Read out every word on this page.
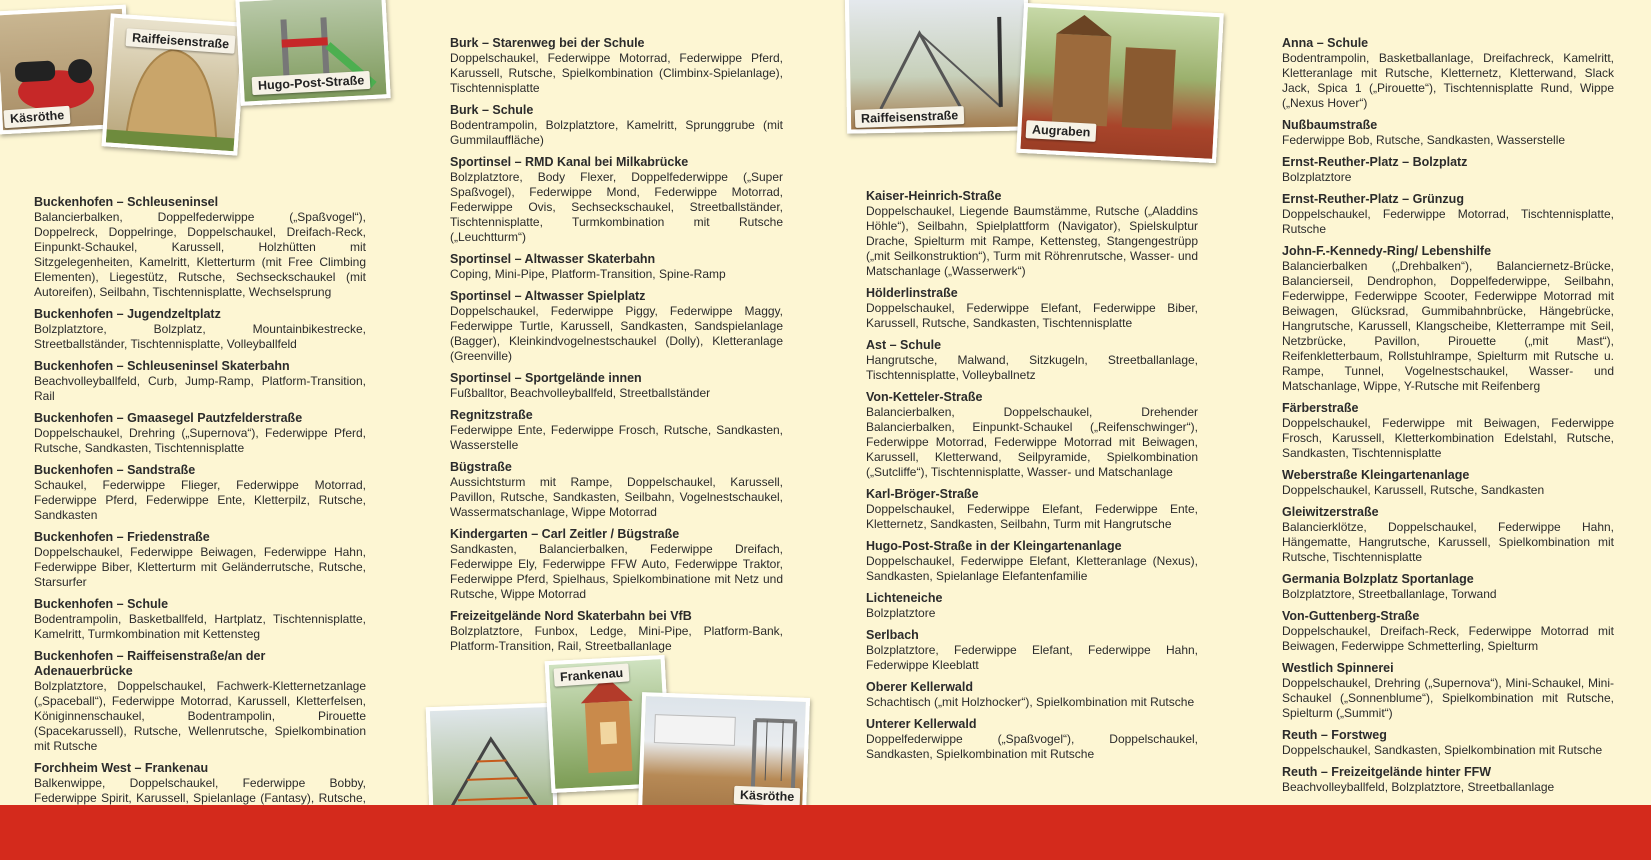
Käsröthe
Raiffeisenstraße
Hugo-Post-Straße
Buckenhofen – Schleuseninsel

Balancierbalken, Doppelfederwippe („Spaßvogel“), Doppelreck, Doppelringe, Doppelschaukel, Dreifach-Reck, Einpunkt-Schaukel, Karussell, Holzhütten mit Sitzgelegenheiten, Kamelritt, Kletterturm (mit Free Climbing Elementen), Liegestütz, Rutsche, Sechseckschaukel (mit Autoreifen), Seilbahn, Tischtennisplatte, Wechselsprung

Buckenhofen – Jugendzeltplatz

Bolzplatztore, Bolzplatz, Mountainbikestrecke, Streetballständer, Tischtennisplatte, Volleyballfeld

Buckenhofen – Schleuseninsel Skaterbahn

Beachvolleyballfeld, Curb, Jump-Ramp, Platform-Transition, Rail

Buckenhofen – Gmaasegel Pautzfelderstraße

Doppelschaukel, Drehring („Supernova“), Federwippe Pferd, Rutsche, Sandkasten, Tischtennisplatte

Buckenhofen – Sandstraße

Schaukel, Federwippe Flieger, Federwippe Motorrad, Federwippe Pferd, Federwippe Ente, Kletterpilz, Rutsche, Sandkasten

Buckenhofen – Friedenstraße

Doppelschaukel, Federwippe Beiwagen, Federwippe Hahn, Federwippe Biber, Kletterturm mit Geländerrutsche, Rutsche, Starsurfer

Buckenhofen – Schule

Bodentrampolin, Basketballfeld, Hartplatz, Tischtennisplatte, Kamelritt, Turmkombination mit Kettensteg

Buckenhofen – Raiffeisenstraße/an der Adenauerbrücke

Bolzplatztore, Doppelschaukel, Fachwerk-Kletternetzanlage („Spaceball“), Federwippe Motorrad, Karussell, Kletterfelsen, Königinnenschaukel, Bodentrampolin, Pirouette (Spacekarussell), Rutsche, Wellenrutsche, Spielkombination mit Rutsche

Forchheim West – Frankenau

Balkenwippe, Doppelschaukel, Federwippe Bobby, Federwippe Spirit, Karussell, Spielanlage (Fantasy), Rutsche,

Burk – Starenweg bei der Schule

Doppelschaukel, Federwippe Motorrad, Federwippe Pferd, Karussell, Rutsche, Spielkombination (Climbinx-Spielanlage), Tischtennisplatte

Burk – Schule

Bodentrampolin, Bolzplatztore, Kamelritt, Sprunggrube (mit Gummilauffläche)

Sportinsel – RMD Kanal bei Milkabrücke

Bolzplatztore, Body Flexer, Doppelfederwippe („Super Spaßvogel), Federwippe Mond, Federwippe Motorrad, Federwippe Ovis, Sechseckschaukel, Streetballständer, Tischtennisplatte, Turmkombination mit Rutsche („Leuchtturm“)

Sportinsel – Altwasser Skaterbahn

Coping, Mini-Pipe, Platform-Transition, Spine-Ramp

Sportinsel – Altwasser Spielplatz

Doppelschaukel, Federwippe Piggy, Federwippe Maggy, Federwippe Turtle, Karussell, Sandkasten, Sandspielanlage (Bagger), Kleinkindvogelnestschaukel (Dolly), Kletteranlage (Greenville)

Sportinsel – Sportgelände innen

Fußballtor, Beachvolleyballfeld, Streetballständer

Regnitzstraße

Federwippe Ente, Federwippe Frosch, Rutsche, Sandkasten, Wasserstelle

Bügstraße

Aussichtsturm mit Rampe, Doppelschaukel, Karussell, Pavillon, Rutsche, Sandkasten, Seilbahn, Vogelnestschaukel, Wassermatschanlage, Wippe Motorrad

Kindergarten – Carl Zeitler / Bügstraße

Sandkasten, Balancierbalken, Federwippe Dreifach, Federwippe Ely, Federwippe FFW Auto, Federwippe Traktor, Federwippe Pferd, Spielhaus, Spielkombinatione mit Netz und Rutsche, Wippe Motorrad

Freizeitgelände Nord Skaterbahn bei VfB

Bolzplatztore, Funbox, Ledge, Mini-Pipe, Platform-Bank, Platform-Transition, Rail, Streetballanlage

Frankenau
Käsröthe
Raiffeisenstraße
Augraben
Kaiser-Heinrich-Straße

Doppelschaukel, Liegende Baumstämme, Rutsche („Aladdins Höhle“), Seilbahn, Spielplattform (Navigator), Spielskulptur Drache, Spielturm mit Rampe, Kettensteg, Stangengestrüpp („mit Seilkonstruktion“), Turm mit Röhrenrutsche, Wasser- und Matschanlage („Wasserwerk“)

Hölderlinstraße

Doppelschaukel, Federwippe Elefant, Federwippe Biber, Karussell, Rutsche, Sandkasten, Tischtennisplatte

Ast – Schule

Hangrutsche, Malwand, Sitzkugeln, Streetballanlage, Tischtennisplatte, Volleyballnetz

Von-Ketteler-Straße

Balancierbalken, Doppelschaukel, Drehender Balancierbalken, Einpunkt-Schaukel („Reifenschwinger“), Federwippe Motorrad, Federwippe Motorrad mit Beiwagen, Karussell, Kletterwand, Seilpyramide, Spielkombination („Sutcliffe“), Tischtennisplatte, Wasser- und Matschanlage

Karl-Bröger-Straße

Doppelschaukel, Federwippe Elefant, Federwippe Ente, Kletternetz, Sandkasten, Seilbahn, Turm mit Hangrutsche

Hugo-Post-Straße in der Kleingartenanlage

Doppelschaukel, Federwippe Elefant, Kletteranlage (Nexus), Sandkasten, Spielanlage Elefantenfamilie

Lichteneiche

Bolzplatztore

Serlbach

Bolzplatztore, Federwippe Elefant, Federwippe Hahn, Federwippe Kleeblatt

Oberer Kellerwald

Schachtisch („mit Holzhocker“), Spielkombination mit Rutsche

Unterer Kellerwald

Doppelfederwippe („Spaßvogel“), Doppelschaukel, Sandkasten, Spielkombination mit Rutsche

Anna – Schule

Bodentrampolin, Basketballanlage, Dreifachreck, Kamelritt, Kletteranlage mit Rutsche, Kletternetz, Kletterwand, Slack Jack, Spica 1 („Pirouette“), Tischtennisplatte Rund, Wippe („Nexus Hover“)

Nußbaumstraße

Federwippe Bob, Rutsche, Sandkasten, Wasserstelle

Ernst-Reuther-Platz – Bolzplatz

Bolzplatztore

Ernst-Reuther-Platz – Grünzug

Doppelschaukel, Federwippe Motorrad, Tischtennisplatte, Rutsche

John-F.-Kennedy-Ring/ Lebenshilfe

Balancierbalken („Drehbalken“), Balanciernetz-Brücke, Balancierseil, Dendrophon, Doppelfederwippe, Seilbahn, Federwippe, Federwippe Scooter, Federwippe Motorrad mit Beiwagen, Glücksrad, Gummibahnbrücke, Hängebrücke, Hangrutsche, Karussell, Klangscheibe, Kletterrampe mit Seil, Netzbrücke, Pavillon, Pirouette („mit Mast“), Reifenkletterbaum, Rollstuhlrampe, Spielturm mit Rutsche u. Rampe, Tunnel, Vogelnestschaukel, Wasser- und Matschanlage, Wippe, Y-Rutsche mit Reifenberg

Färberstraße

Doppelschaukel, Federwippe mit Beiwagen, Federwippe Frosch, Karussell, Kletterkombination Edelstahl, Rutsche, Sandkasten, Tischtennisplatte

Weberstraße Kleingartenanlage

Doppelschaukel, Karussell, Rutsche, Sandkasten

Gleiwitzerstraße

Balancierklötze, Doppelschaukel, Federwippe Hahn, Hängematte, Hangrutsche, Karussell, Spielkombination mit Rutsche, Tischtennisplatte

Germania Bolzplatz Sportanlage

Bolzplatztore, Streetballanlage, Torwand

Von-Guttenberg-Straße

Doppelschaukel, Dreifach-Reck, Federwippe Motorrad mit Beiwagen, Federwippe Schmetterling, Spielturm

Westlich Spinnerei

Doppelschaukel, Drehring („Supernova“), Mini-Schaukel, Mini-Schaukel („Sonnenblume“), Spielkombination mit Rutsche, Spielturm („Summit“)

Reuth – Forstweg

Doppelschaukel, Sandkasten, Spielkombination mit Rutsche

Reuth – Freizeitgelände hinter FFW

Beachvolleyballfeld, Bolzplatztore, Streetballanlage
